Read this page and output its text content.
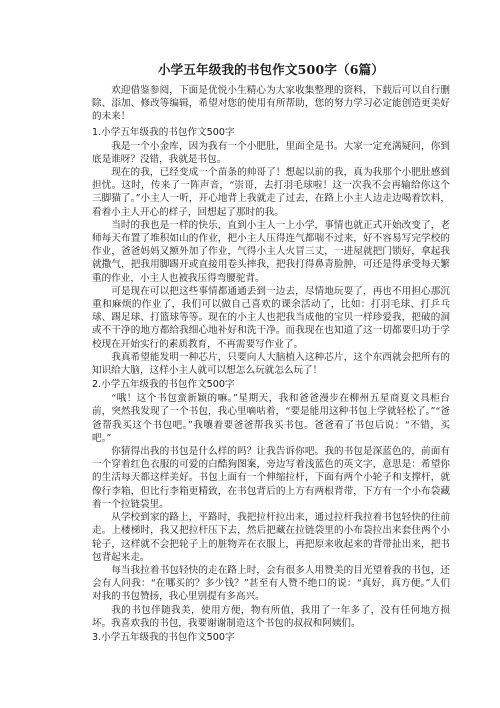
小学五年级我的书包作文500字（6篇）

欢迎借鉴参阅，下面是优悦小生精心为大家收集整理的资料，下载后可以自行删除、添加、修改等编辑，希望对您的使用有所帮助，您的努力学习必定能创造更美好的未来！

1.小学五年级我的书包作文500字

我是一个小金库，因为我有一个小肥肚，里面全是书。大家一定充满疑问，你到底是谁呀？没错，我就是书包。

现在的我，已经变成一个苗条的帅哥了！想起以前的我，真为我那个小肥肚感到担忧。这时，传来了一阵声音，“崇哥，去打羽毛球啦！这一次我不会再输给你这个三脚猫了。”小主人一听，开心地背上我就走了过去，在路上小主人边走边喝着饮料，看着小主人开心的样子，回想起了那时的我。

当时的我也是一样的快乐，直到小主人一上小学，事情也就正式开始改变了，老师每天布置了堆积如山的作业，把小主人压得连气都喘不过来，好不容易写完学校的作业，爸爸妈妈又额外加了作业，气得小主人火冒三丈，一进屋就把门锁好，拿起我就撒气，把我用脚踢开或直接用卷头摔我，把我打得鼻青脸肿，可还是得承受每天繁重的作业，小主人也被我压得弯腰驼背。

可是现在可以把这些事情都通通丢到一边去，尽情地玩耍了，再也不用担心那沉重和麻烦的作业了，我们可以做自己喜欢的课余活动了，比如：打羽毛球、打乒乓球、踢足球、打篮球等等。现在的小主人也把我当成他的宝贝一样珍爱我，把破的洞或不干净的地方都给我细心地补好和洗干净。而我现在也知道了这一切都要归功于学校现在开始实行的素质教育，不再需要写作业了。

我真希望能发明一种芯片，只要向人大脑植入这种芯片，这个东西就会把所有的知识给大脑，这样小主人就可以想怎么玩就怎么玩了！

2.小学五年级我的书包作文500字

“哦！这个书包蛮新颖的嘛。”星期天，我和爸爸漫步在柳州五星商夏文具柜台前，突然我发现了一个书包，我心里嘀咕着，“要是能用这种书包上学就轻松了。”“爸爸帮我买这个书包吧。”我嚷着要爸爸帮我买书包。爸爸看了书包后说：“不错，买吧。”

你猜得出我的书包是什么样的吗？让我告诉你吧。我的书包是深蓝色的，前面有一个穿着红色衣服的可爱的白酷狗图案，旁边写着浅蓝色的英文字，意思是：希望你的生活每天都这样美好。书包上面有一个伸缩拉杆，下面有两个小轮子和支撑杆，就像行李箱，但比行李箱更精致，在书包背后的上方有两根背带，下方有一个小布袋藏着一个拉链袋里。

从学校到家的路上，平路时，我把拉杆拉出来，通过拉杆我拉着书包轻快的往前走。上楼梯时，我又把拉杆压下去，然后把藏在拉链袋里的小布袋拉出来套住两个小轮子，这样就不会把轮子上的脏物弄在衣服上，再把原来收起来的背带扯出来，把书包背起来走。

每当我拉着书包轻快的走在路上时，会有很多人用赞美的目光望着我的书包，还会有人问我：“在哪买的？多少钱？”甚至有人赞不绝口的说：“真好，真方便。”人们对我的书包赞扬，我心里别提有多高兴。

我的书包伴随我美，使用方便，物有所值，我用了一年多了，没有任何地方损坏。我喜欢我的书包，我要谢谢制造这个书包的叔叔和阿姨们。

3.小学五年级我的书包作文500字
